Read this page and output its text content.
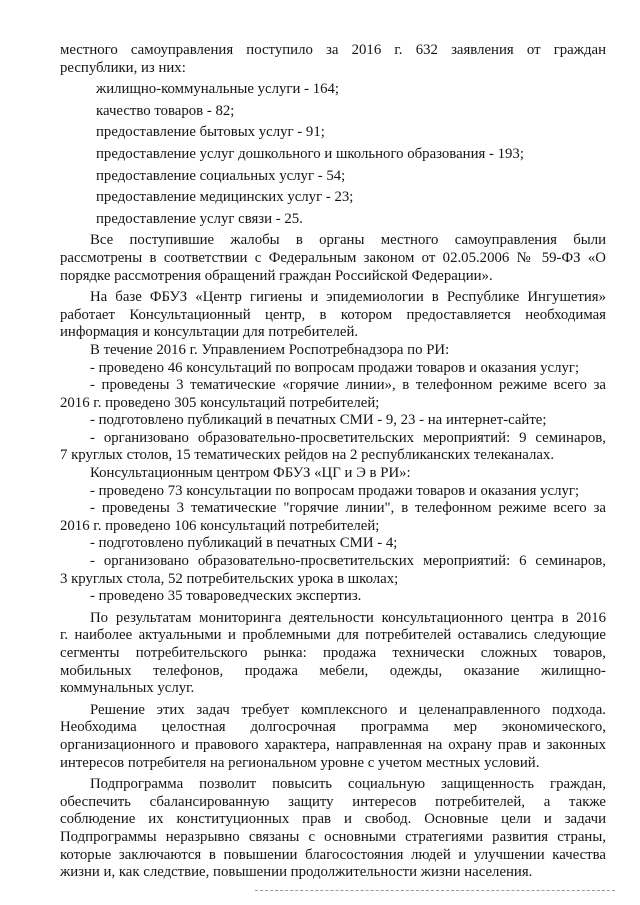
местного самоуправления поступило за 2016 г. 632 заявления от граждан
республики, из них:
жилищно-коммунальные услуги - 164;
качество товаров - 82;
предоставление бытовых услуг - 91;
предоставление услуг дошкольного и школьного образования - 193;
предоставление социальных услуг - 54;
предоставление медицинских услуг - 23;
предоставление услуг связи - 25.
Все поступившие жалобы в органы местного самоуправления были
рассмотрены в соответствии с Федеральным законом от 02.05.2006 № 59-ФЗ «О
порядке рассмотрения обращений граждан Российской Федерации».
На базе ФБУЗ «Центр гигиены и эпидемиологии в Республике Ингушетия»
работает Консультационный центр, в котором предоставляется необходимая
информация и консультации для потребителей.
В течение 2016 г. Управлением Роспотребнадзора по РИ:
- проведено 46 консультаций по вопросам продажи товаров и оказания услуг;
- проведены 3 тематические «горячие линии», в телефонном режиме всего за
2016 г. проведено 305 консультаций потребителей;
- подготовлено публикаций в печатных СМИ - 9, 23 - на интернет-сайте;
- организовано образовательно-просветительских мероприятий: 9 семинаров,
7 круглых столов, 15 тематических рейдов на 2 республиканских телеканалах.
Консультационным центром ФБУЗ «ЦГ и Э в РИ»:
- проведено 73 консультации по вопросам продажи товаров и оказания услуг;
- проведены 3 тематические "горячие линии", в телефонном режиме всего за
2016 г. проведено 106 консультаций потребителей;
- подготовлено публикаций в печатных СМИ - 4;
- организовано образовательно-просветительских мероприятий: 6 семинаров,
3 круглых стола, 52 потребительских урока в школах;
- проведено 35 товароведческих экспертиз.
По результатам мониторинга деятельности консультационного центра в 2016
г. наиболее актуальными и проблемными для потребителей оставались следующие
сегменты потребительского рынка: продажа технически сложных товаров,
мобильных телефонов, продажа мебели, одежды, оказание жилищно-
коммунальных услуг.
Решение этих задач требует комплексного и целенаправленного подхода.
Необходима целостная долгосрочная программа мер экономического,
организационного и правового характера, направленная на охрану прав и законных
интересов потребителя на региональном уровне с учетом местных условий.
Подпрограмма позволит повысить социальную защищенность граждан,
обеспечить сбалансированную защиту интересов потребителей, а также
соблюдение их конституционных прав и свобод. Основные цели и задачи
Подпрограммы неразрывно связаны с основными стратегиями развития страны,
которые заключаются в повышении благосостояния людей и улучшении качества
жизни и, как следствие, повышении продолжительности жизни населения.
